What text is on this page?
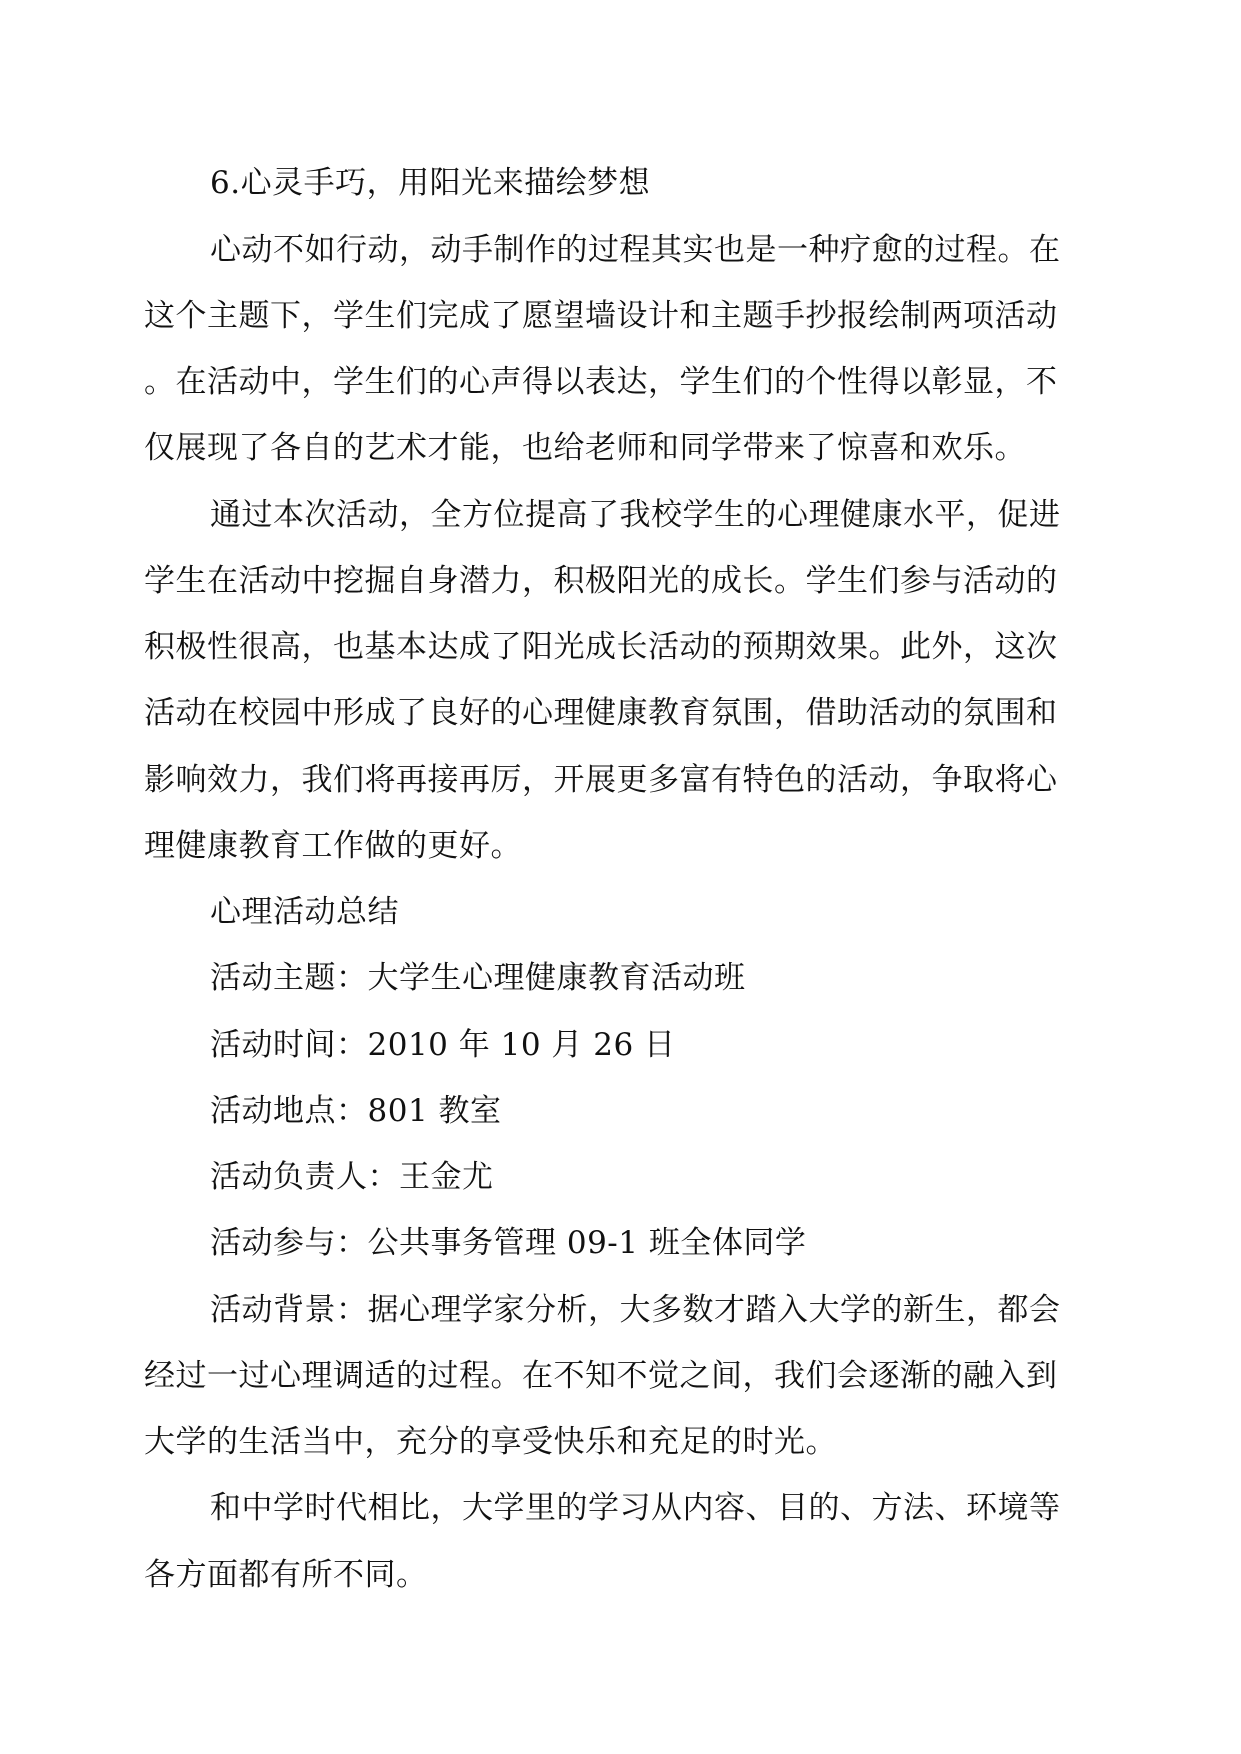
6.心灵手巧，用阳光来描绘梦想
心动不如行动，动手制作的过程其实也是一种疗愈的过程。在
这个主题下，学生们完成了愿望墙设计和主题手抄报绘制两项活动
。在活动中，学生们的心声得以表达，学生们的个性得以彰显，不
仅展现了各自的艺术才能，也给老师和同学带来了惊喜和欢乐。
通过本次活动，全方位提高了我校学生的心理健康水平，促进
学生在活动中挖掘自身潜力，积极阳光的成长。学生们参与活动的
积极性很高，也基本达成了阳光成长活动的预期效果。此外，这次
活动在校园中形成了良好的心理健康教育氛围，借助活动的氛围和
影响效力，我们将再接再厉，开展更多富有特色的活动，争取将心
理健康教育工作做的更好。
心理活动总结
活动主题：大学生心理健康教育活动班
活动时间：2010 年 10 月 26 日
活动地点：801 教室
活动负责人：王金尤
活动参与：公共事务管理 09-1 班全体同学
活动背景：据心理学家分析，大多数才踏入大学的新生，都会
经过一过心理调适的过程。在不知不觉之间，我们会逐渐的融入到
大学的生活当中，充分的享受快乐和充足的时光。
和中学时代相比，大学里的学习从内容、目的、方法、环境等
各方面都有所不同。
